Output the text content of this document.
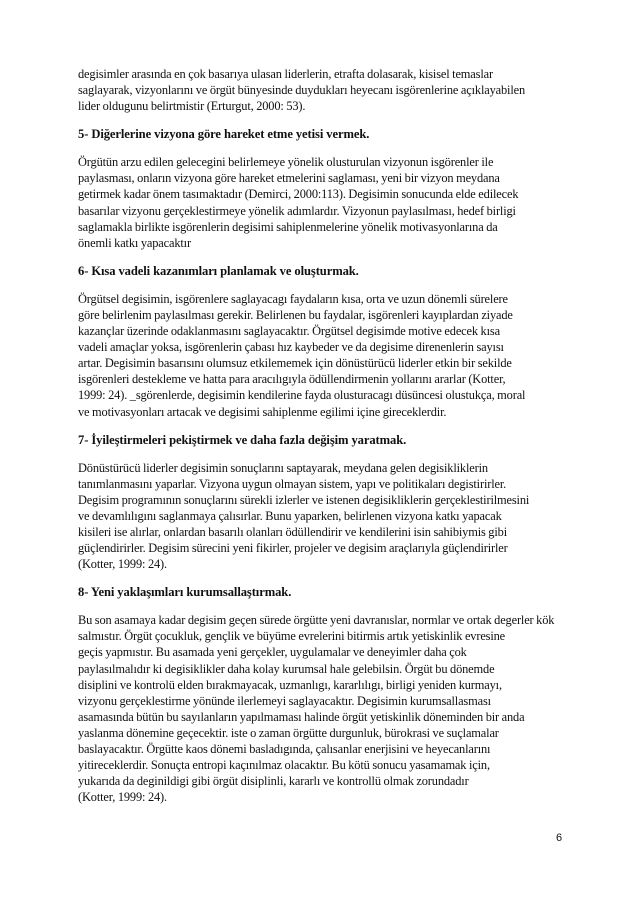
degisimler arasında en çok basarıya ulasan liderlerin, etrafta dolasarak, kisisel temaslar
saglayarak, vizyonlarını ve örgüt bünyesinde duydukları heyecanı isgörenlerine açıklayabilen
lider oldugunu belirtmistir (Erturgut, 2000: 53).

5- Diğerlerine vizyona göre hareket etme yetisi vermek.

Örgütün arzu edilen gelecegini belirlemeye yönelik olusturulan vizyonun isgörenler ile
paylasması, onların vizyona göre hareket etmelerini saglaması, yeni bir vizyon meydana
getirmek kadar önem tasımaktadır (Demirci, 2000:113). Degisimin sonucunda elde edilecek
basarılar vizyonu gerçeklestirmeye yönelik adımlardır. Vizyonun paylasılması, hedef birligi
saglamakla birlikte isgörenlerin degisimi sahiplenmelerine yönelik motivasyonlarına da
önemli katkı yapacaktır

6- Kısa vadeli kazanımları planlamak ve oluşturmak.

Örgütsel degisimin, isgörenlere saglayacagı faydaların kısa, orta ve uzun dönemli sürelere
göre belirlenim paylasılması gerekir. Belirlenen bu faydalar, isgörenleri kayıplardan ziyade
kazançlar üzerinde odaklanmasını saglayacaktır. Örgütsel degisimde motive edecek kısa
vadeli amaçlar yoksa, isgörenlerin çabası hız kaybeder ve da degisime direnenlerin sayısı
artar. Degisimin basarısını olumsuz etkilememek için dönüstürücü liderler etkin bir sekilde
isgörenleri destekleme ve hatta para aracılıgıyla ödüllendirmenin yollarını ararlar (Kotter,
1999: 24). _sgörenlerde, degisimin kendilerine fayda olusturacagı düsüncesi olustukça, moral
ve motivasyonları artacak ve degisimi sahiplenme egilimi içine gireceklerdir.

7- İyileştirmeleri pekiştirmek ve daha fazla değişim yaratmak.

Dönüstürücü liderler degisimin sonuçlarını saptayarak, meydana gelen degisikliklerin
tanımlanmasını yaparlar. Vizyona uygun olmayan sistem, yapı ve politikaları degistirirler.
Degisim programının sonuçlarını sürekli izlerler ve istenen degisikliklerin gerçeklestirilmesini
ve devamlılıgını saglanmaya çalısırlar. Bunu yaparken, belirlenen vizyona katkı yapacak
kisileri ise alırlar, onlardan basarılı olanları ödüllendirir ve kendilerini isin sahibiymis gibi
güçlendirirler. Degisim sürecini yeni fikirler, projeler ve degisim araçlarıyla güçlendirirler
(Kotter, 1999: 24).

8- Yeni yaklaşımları kurumsallaştırmak.

Bu son asamaya kadar degisim geçen sürede örgütte yeni davranıslar, normlar ve ortak degerler kök
salmıstır. Örgüt çocukluk, gençlik ve büyüme evrelerini bitirmis artık yetiskinlik evresine
geçis yapmıstır. Bu asamada yeni gerçekler, uygulamalar ve deneyimler daha çok
paylasılmalıdır ki degisiklikler daha kolay kurumsal hale gelebilsin. Örgüt bu dönemde
disiplini ve kontrolü elden bırakmayacak, uzmanlıgı, kararlılıgı, birligi yeniden kurmayı,
vizyonu gerçeklestirme yönünde ilerlemeyi saglayacaktır. Degisimin kurumsallasması
asamasında bütün bu sayılanların yapılmaması halinde örgüt yetiskinlik döneminden bir anda
yaslanma dönemine geçecektir. iste o zaman örgütte durgunluk, bürokrasi ve suçlamalar
baslayacaktır. Örgütte kaos dönemi basladıgında, çalısanlar enerjisini ve heyecanlarını
yitireceklerdir. Sonuçta entropi kaçınılmaz olacaktır. Bu kötü sonucu yasamamak için,
yukarıda da deginildigi gibi örgüt disiplinli, kararlı ve kontrollü olmak zorundadır
(Kotter, 1999: 24).

6
